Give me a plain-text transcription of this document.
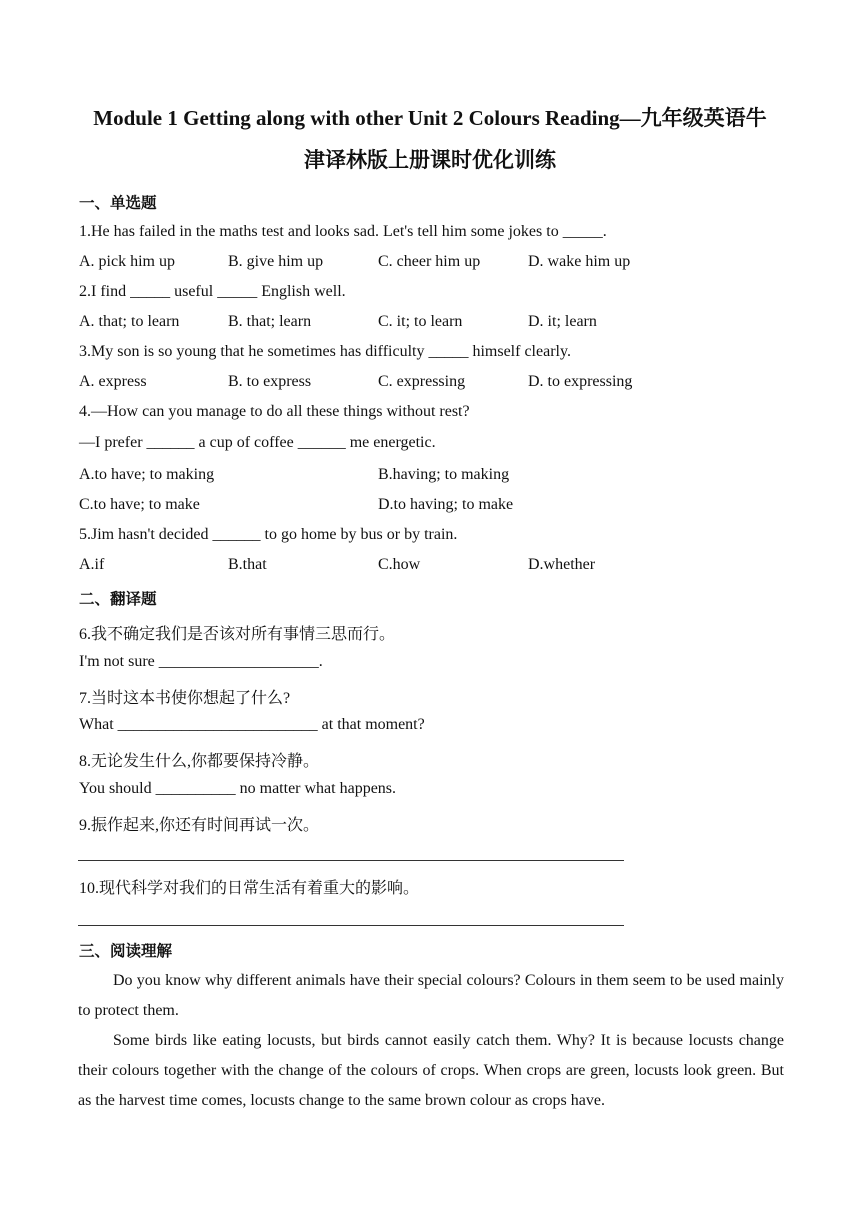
Module 1 Getting along with other Unit 2 Colours Reading—九年级英语牛
津译林版上册课时优化训练
一、单选题
1.He has failed in the maths test and looks sad. Let's tell him some jokes to _____.
A. pick him up	B. give him up	C. cheer him up	D. wake him up
2.I find _____ useful _____ English well.
A. that; to learn	B. that; learn	C. it; to learn	D. it; learn
3.My son is so young that he sometimes has difficulty _____ himself clearly.
A. express	B. to express	C. expressing	D. to expressing
4.—How can you manage to do all these things without rest?
—I prefer ______ a cup of coffee ______ me energetic.
A.to have; to making	B.having; to making
C.to have; to make	D.to having; to make
5.Jim hasn't decided ______ to go home by bus or by train.
A.if	B.that	C.how	D.whether
二、翻译题
6.我不确定我们是否该对所有事情三思而行。
I'm not sure ____________________.
7.当时这本书使你想起了什么?
What _________________________ at that moment?
8.无论发生什么,你都要保持冷静。
You should __________ no matter what happens.
9.振作起来,你还有时间再试一次。
10.现代科学对我们的日常生活有着重大的影响。
三、阅读理解
Do you know why different animals have their special colours? Colours in them seem to be used mainly to protect them.
Some birds like eating locusts, but birds cannot easily catch them. Why? It is because locusts change their colours together with the change of the colours of crops. When crops are green, locusts look green. But as the harvest time comes, locusts change to the same brown colour as crops have.
